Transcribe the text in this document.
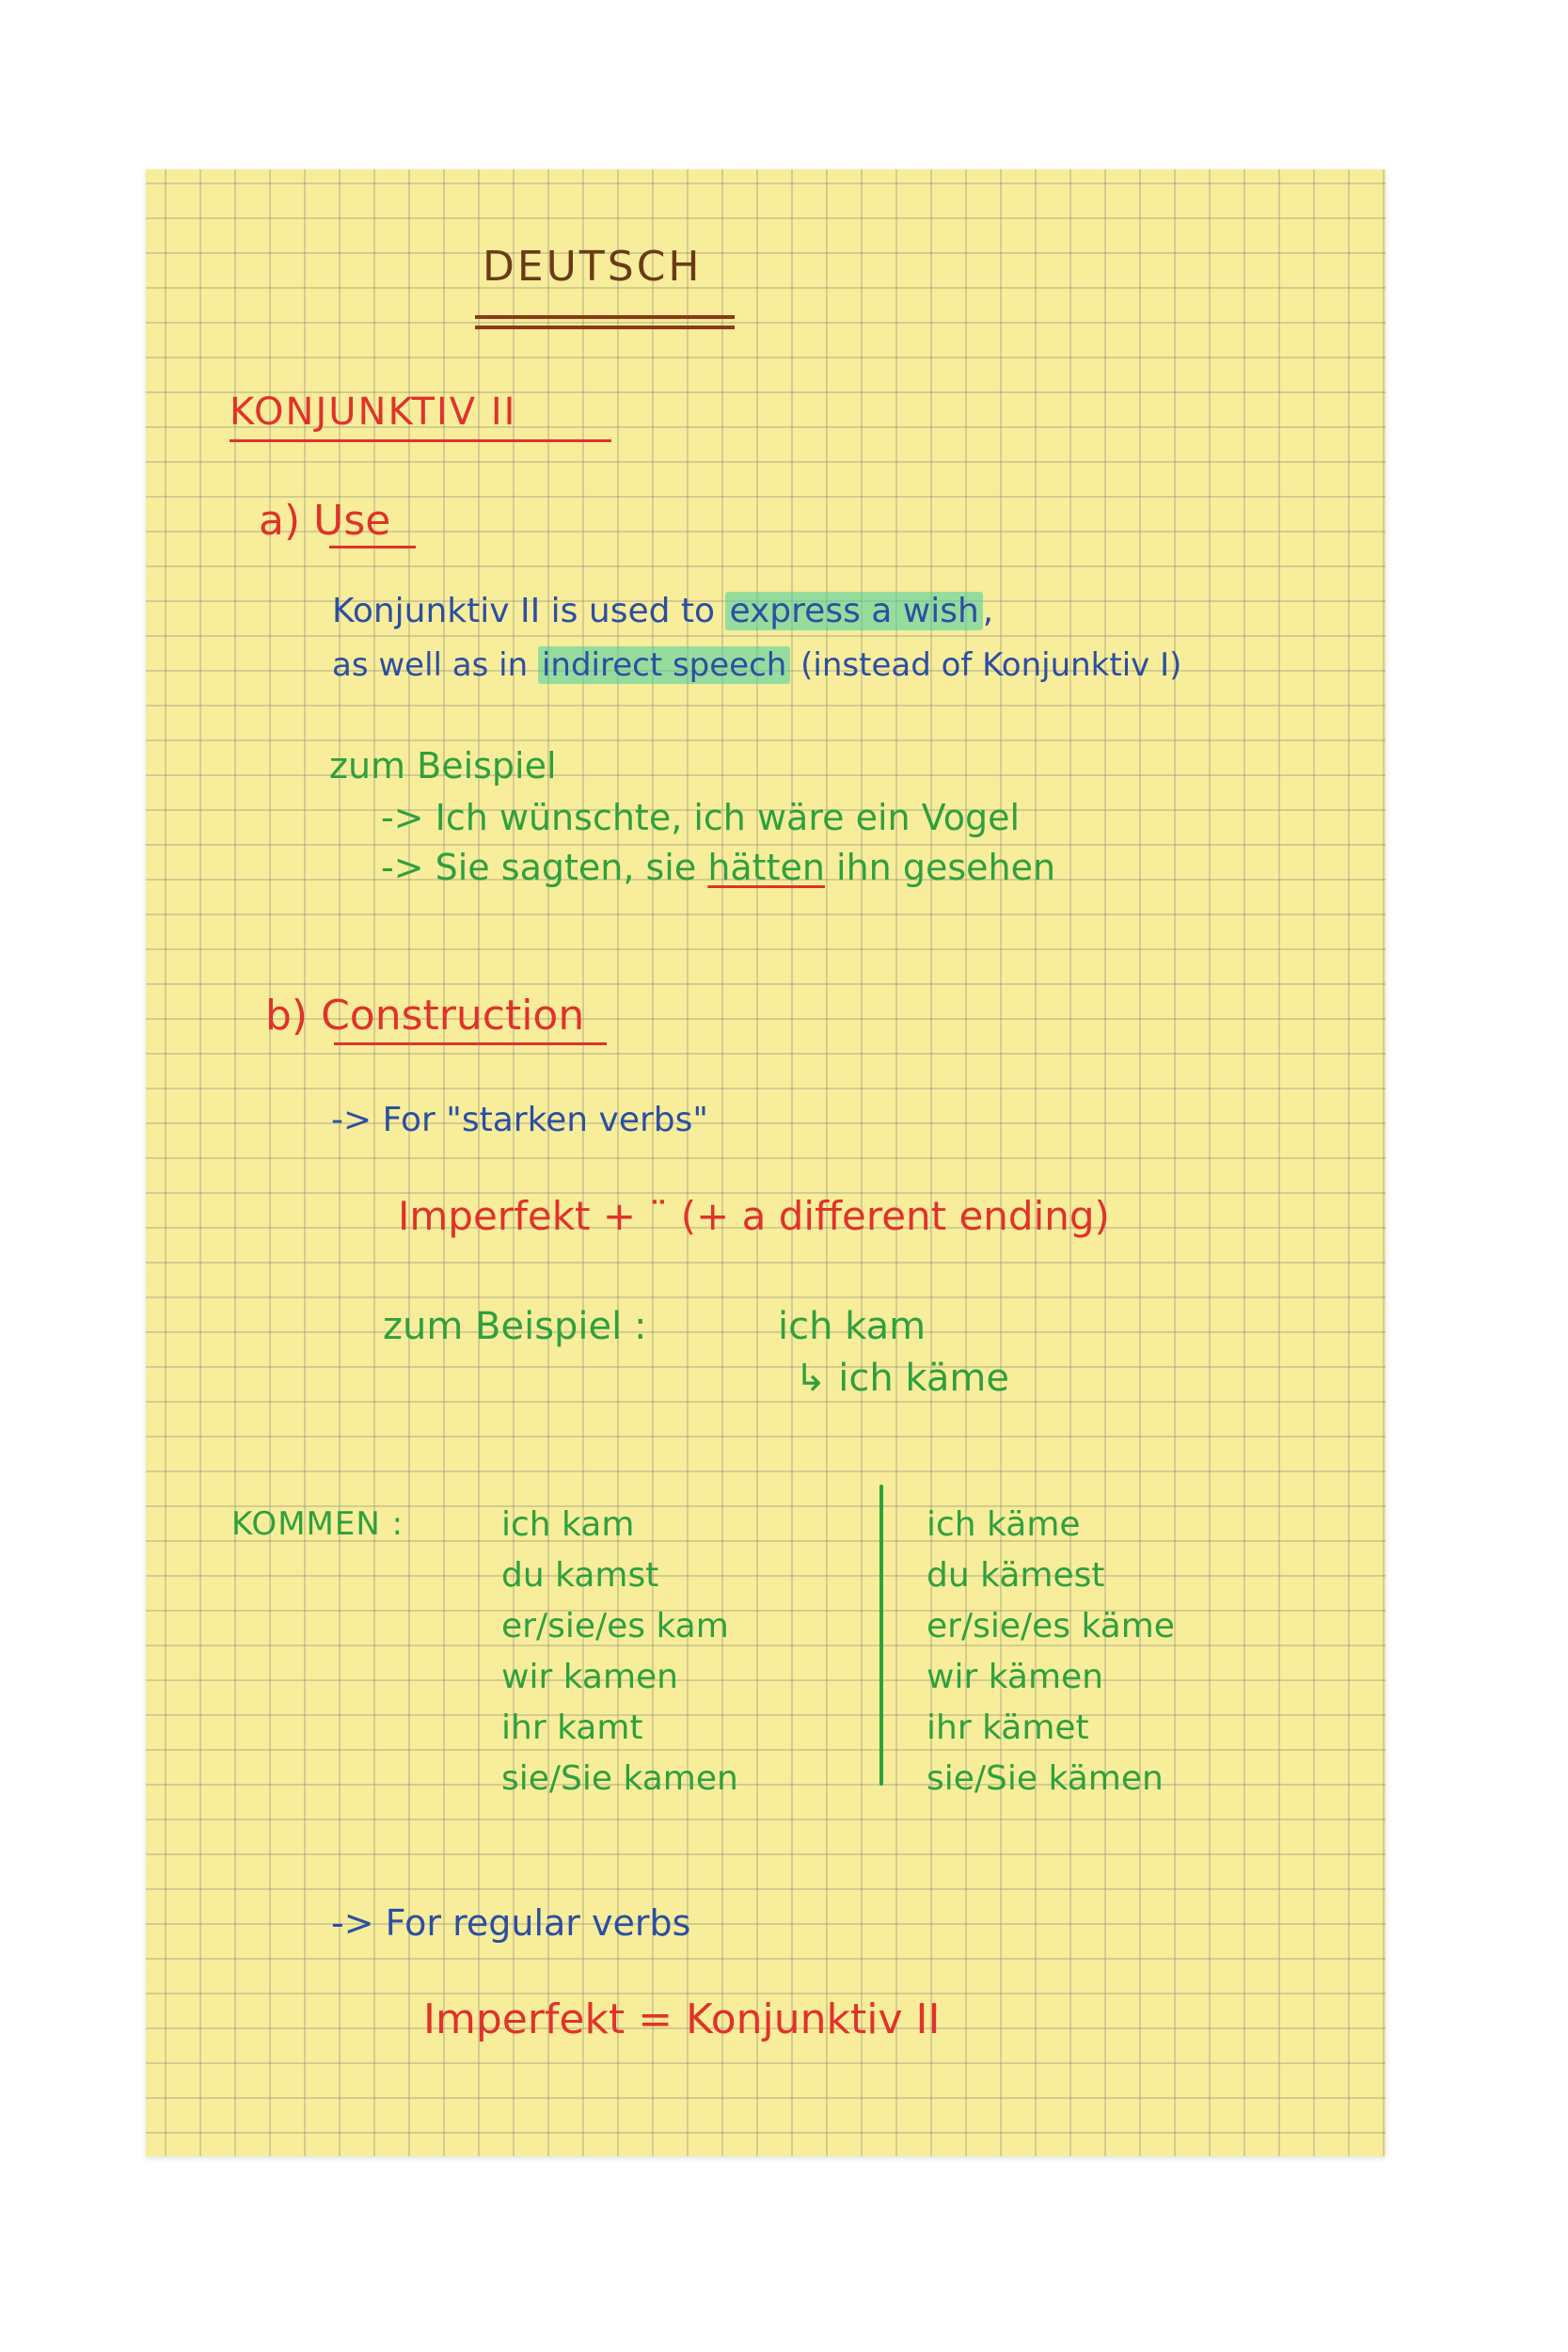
DEUTSCH
KONJUNKTIV II
a) Use
Konjunktiv II is used to express a wish ,
as well as in indirect speech (instead of Konjunktiv I)
zum Beispiel
-> Ich wünschte, ich wäre ein Vogel
-> Sie sagten, sie hätten ihn gesehen
b) Construction
-> For "starken verbs"
Imperfekt + ¨ (+ a different ending)
zum Beispiel :	ich kam
↳ ich käme
KOMMEN :	ich kam
du kamst
er/sie/es kam
wir kamen
ihr kamt
sie/Sie kamen
ich käme
du kämest
er/sie/es käme
wir kämen
ihr kämet
sie/Sie kämen
-> For regular verbs
Imperfekt = Konjunktiv II
